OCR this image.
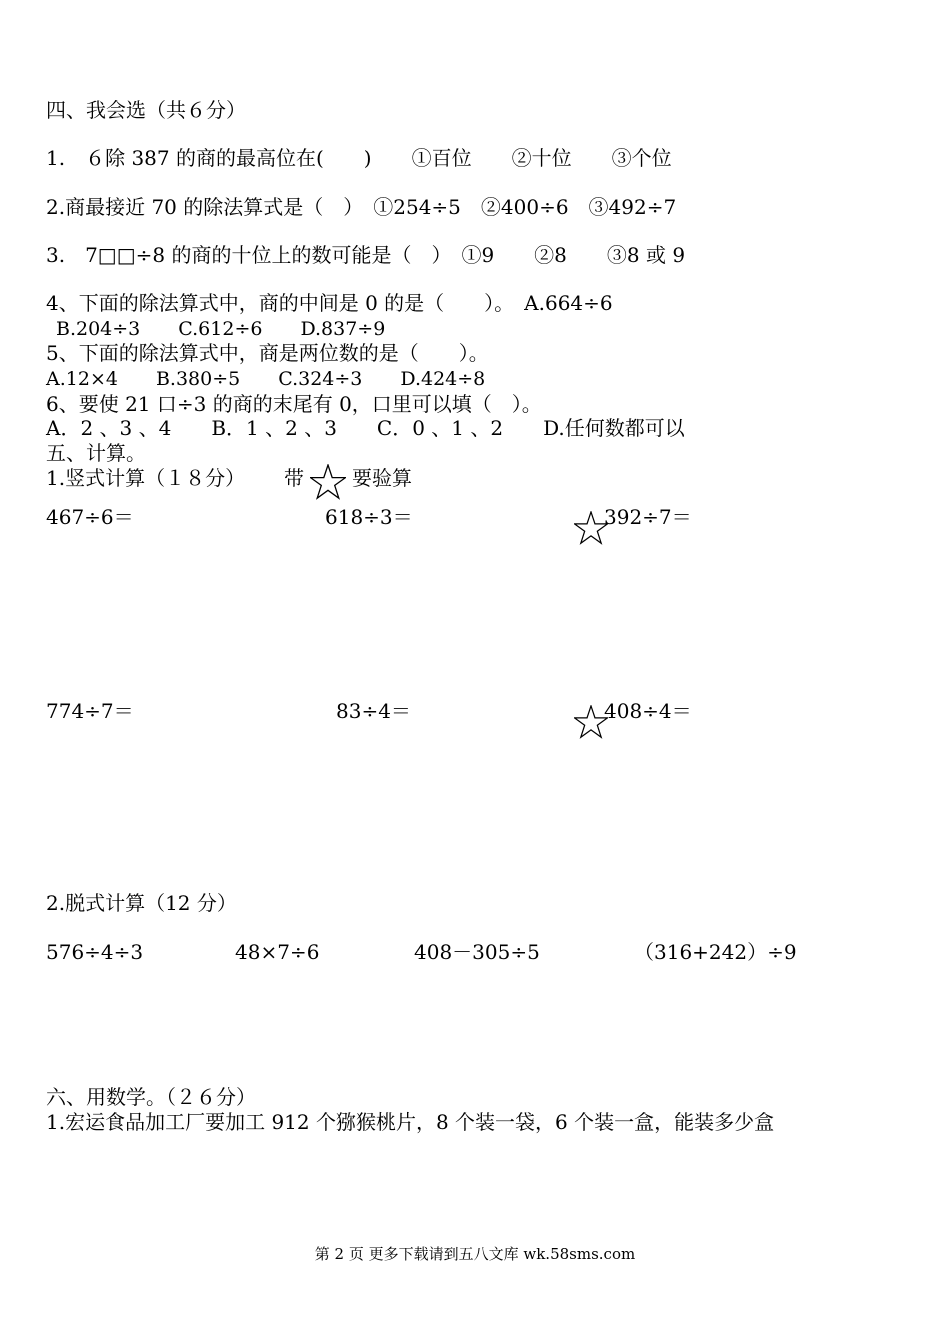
四、我会选（共６分）
1.　６除 387 的商的最高位在(　　)　　①百位　　②十位　　③个位
2.商最接近 70 的除法算式是（　）　①254÷5　②400÷6　③492÷7
3.　7□□÷8 的商的十位上的数可能是（　）　①9　　②8　　③8 或 9
4、下面的除法算式中，商的中间是 0 的是（　　）。　A.664÷6
B.204÷3　　C.612÷6　　D.837÷9
5、下面的除法算式中，商是两位数的是（　　）。
A.12×4　　B.380÷5　　C.324÷3　　D.424÷8
6、要使 21 口÷3 的商的末尾有 0，口里可以填（　）。
A．2 、3 、4　　B．1 、2 、3　　C．0 、1 、2　　D.任何数都可以
五、计算。
1.竖式计算（１８分） 带 要验算
467÷6＝	618÷3＝	392÷7＝
774÷7＝	83÷4＝	408÷4＝
2.脱式计算（12 分）
576÷4÷3	48×7÷6	408－305÷5	（316+242）÷9
六、用数学。（２６分）
1.宏运食品加工厂要加工 912 个猕猴桃片，8 个装一袋，6 个装一盒，能装多少盒
第 2 页 更多下载请到五八文库 wk.58sms.com
